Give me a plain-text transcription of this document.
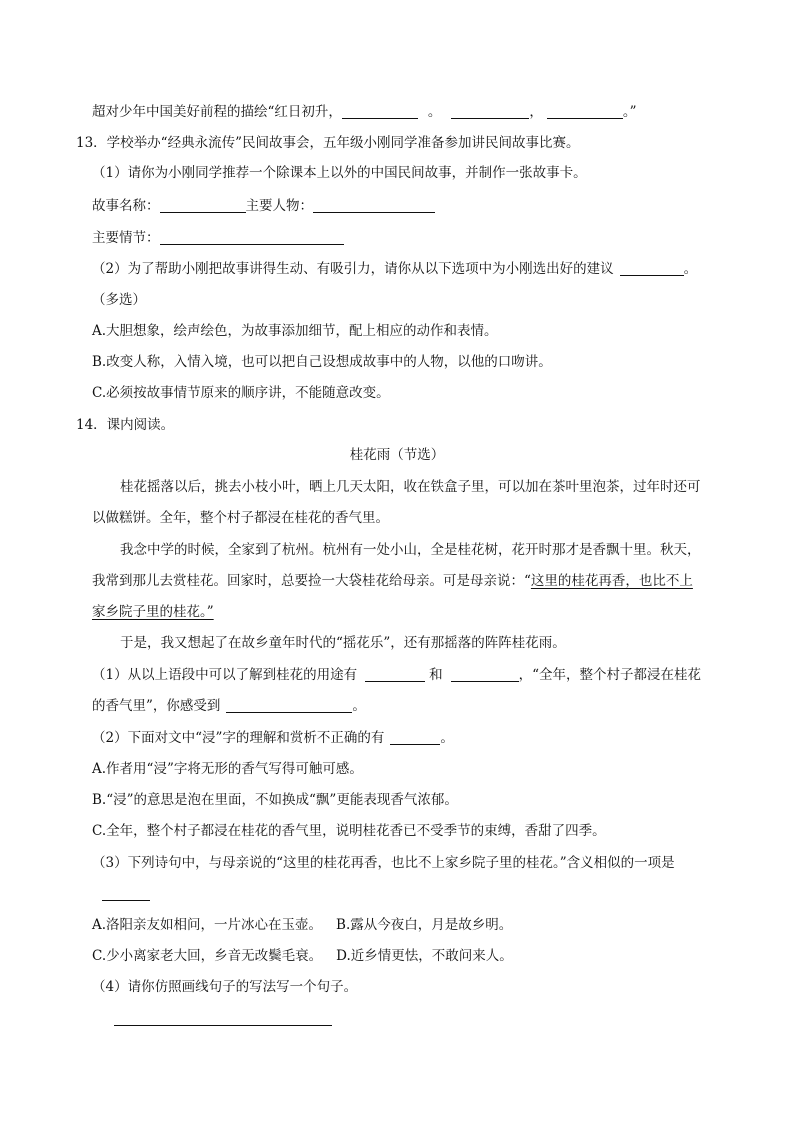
超对少年中国美好前程的描绘“红日初升，	。	，	。”
13．学校举办“经典永流传”民间故事会，五年级小刚同学准备参加讲民间故事比赛。
（1）请你为小刚同学推荐一个除课本上以外的中国民间故事，并制作一张故事卡。
故事名称：	主要人物：
主要情节：
（2）为了帮助小刚把故事讲得生动、有吸引力，请你从以下选项中为小刚选出好的建议	。
（多选）
A.大胆想象，绘声绘色，为故事添加细节，配上相应的动作和表情。
B.改变人称，入情入境，也可以把自己设想成故事中的人物，以他的口吻讲。
C.必须按故事情节原来的顺序讲，不能随意改变。
14．课内阅读。
桂花雨（节选）
桂花摇落以后，挑去小枝小叶，晒上几天太阳，收在铁盒子里，可以加在茶叶里泡茶，过年时还可
以做糕饼。全年，整个村子都浸在桂花的香气里。
我念中学的时候，全家到了杭州。杭州有一处小山，全是桂花树，花开时那才是香飘十里。秋天，
我常到那儿去赏桂花。回家时，总要捡一大袋桂花给母亲。可是母亲说：“这里的桂花再香，也比不上
家乡院子里的桂花。”
于是，我又想起了在故乡童年时代的“摇花乐”，还有那摇落的阵阵桂花雨。
（1）从以上语段中可以了解到桂花的用途有	和	，“全年，整个村子都浸在桂花
的香气里”，你感受到	。
（2）下面对文中“浸”字的理解和赏析不正确的有	。
A.作者用“浸”字将无形的香气写得可触可感。
B.“浸”的意思是泡在里面，不如换成“飘”更能表现香气浓郁。
C.全年，整个村子都浸在桂花的香气里，说明桂花香已不受季节的束缚，香甜了四季。
（3）下列诗句中，与母亲说的“这里的桂花再香，也比不上家乡院子里的桂花。”含义相似的一项是
A.洛阳亲友如相问，一片冰心在玉壶。 B.露从今夜白，月是故乡明。
C.少小离家老大回，乡音无改鬓毛衰。 D.近乡情更怯，不敢问来人。
（4）请你仿照画线句子的写法写一个句子。
